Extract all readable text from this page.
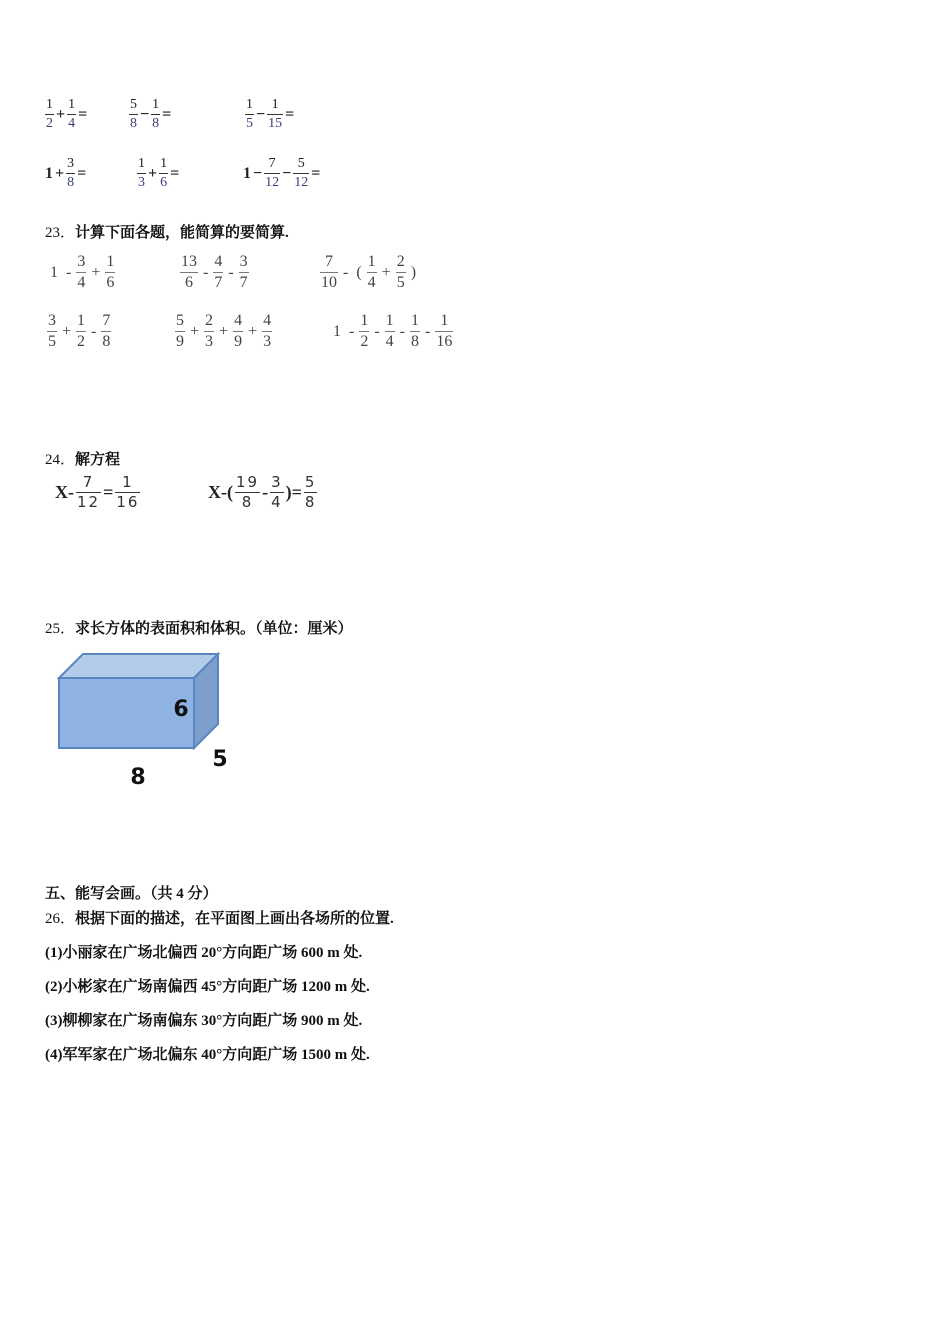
$\frac{1}{2} + \frac{1}{4}$ =	$\frac{5}{8} - \frac{1}{8}$ =	$\frac{1}{5} - \frac{1}{15}$ =
$1 + \frac{3}{8}$ =	$\frac{1}{3} + \frac{1}{6}$ =	$1 - \frac{7}{12} - \frac{5}{12}$ =
23．计算下面各题，能简算的要简算.
$1 - \frac{3}{4} + \frac{1}{6}$	$\frac{13}{6} - \frac{4}{7} - \frac{3}{7}$	$\frac{7}{10}$ - ( $\frac{1}{4} + \frac{2}{5}$ )
$\frac{3}{5} + \frac{1}{2} - \frac{7}{8}$	$\frac{5}{9} + \frac{2}{3} + \frac{4}{9} + \frac{4}{3}$	$1 - \frac{1}{2} - \frac{1}{4} - \frac{1}{8} - \frac{1}{16}$
24．解方程
$X- \frac{7}{12} = \frac{1}{16}$	$X-( \frac{19}{8} - \frac{3}{4}$ )= $\frac{5}{8}$
25．求长方体的表面积和体积。（单位：厘米）
6
5
8
五、能写会画。（共 4 分）
26．根据下面的描述，在平面图上画出各场所的位置.
(1)小丽家在广场北偏西 20°方向距广场 600 m 处.
(2)小彬家在广场南偏西 45°方向距广场 1200 m 处.
(3)柳柳家在广场南偏东 30°方向距广场 900 m 处.
(4)军军家在广场北偏东 40°方向距广场 1500 m 处.
